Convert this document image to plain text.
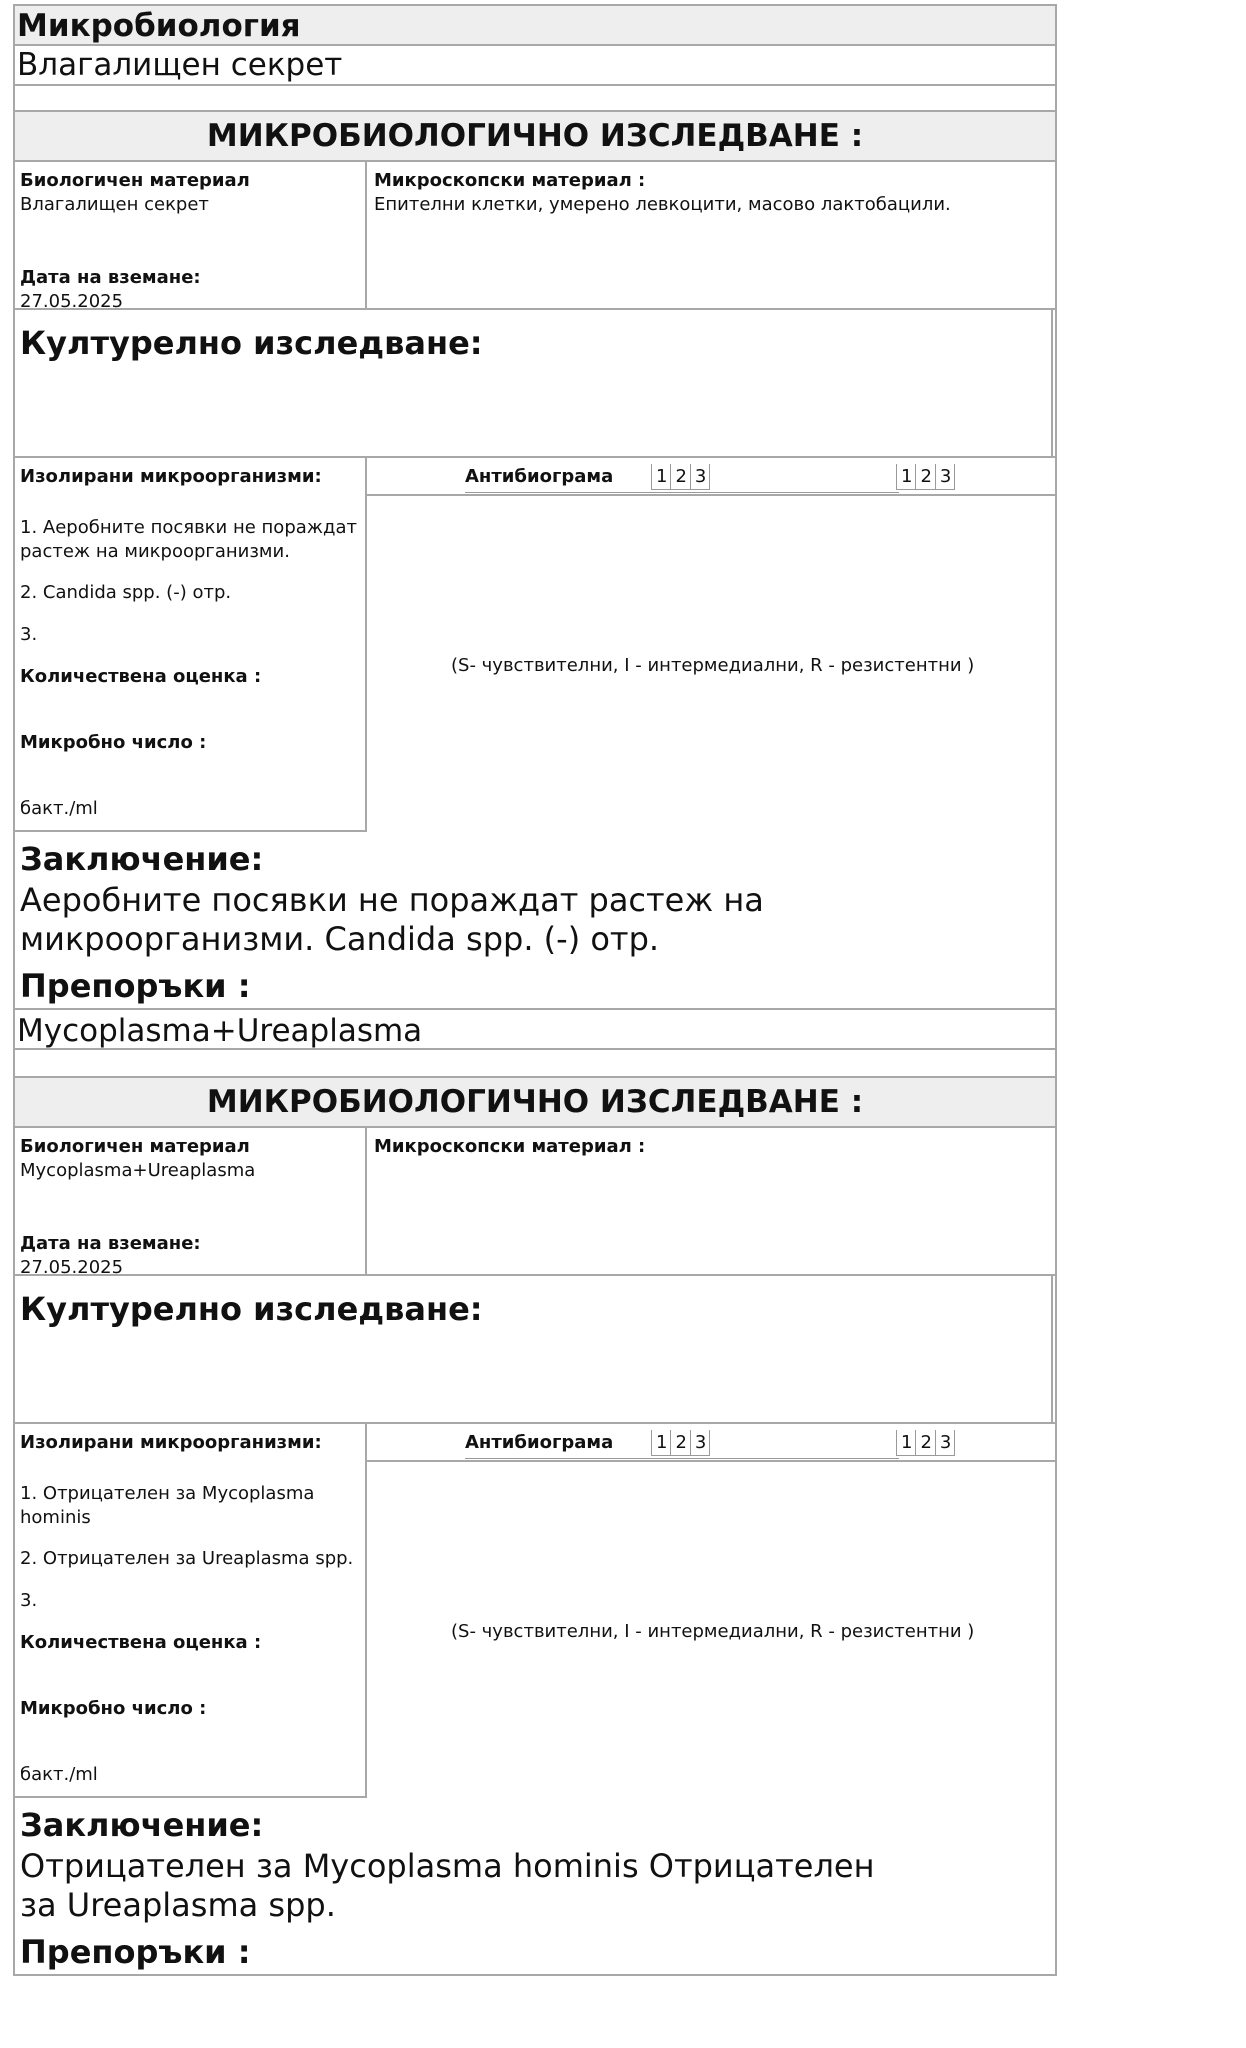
Микробиология
Влагалищен секрет
МИКРОБИОЛОГИЧНО ИЗСЛЕДВАНЕ :
Биологичен материал
Влагалищен секрет
Дата на вземане:
27.05.2025
Микроскопски материал :
Епителни клетки, умерено левкоцити, масово лактобацили.
Културелно изследване:
Изолирани микроорганизми:	Антибиограма 1 2 3	1 2 3
1. Аеробните посявки не пораждат растеж на микроорганизми.
2. Candida spp. (-) отр.
3.
Количествена оценка :
Микробно число :
бакт./ml
(S- чувствителни, I - интермедиални, R - резистентни )
Заключение:
Аеробните посявки не пораждат растеж на микроорганизми. Candida spp. (-) отр.
Препоръки :
Mycoplasma+Ureaplasma
МИКРОБИОЛОГИЧНО ИЗСЛЕДВАНЕ :
Биологичен материал
Mycoplasma+Ureaplasma
Дата на вземане:
27.05.2025
Микроскопски материал :
Културелно изследване:
Изолирани микроорганизми:	Антибиограма 1 2 3	1 2 3
1. Отрицателен за Mycoplasma hominis
2. Отрицателен за Ureaplasma spp.
3.
Количествена оценка :
Микробно число :
бакт./ml
(S- чувствителни, I - интермедиални, R - резистентни )
Заключение:
Отрицателен за Mycoplasma hominis Отрицателен за Ureaplasma spp.
Препоръки :
